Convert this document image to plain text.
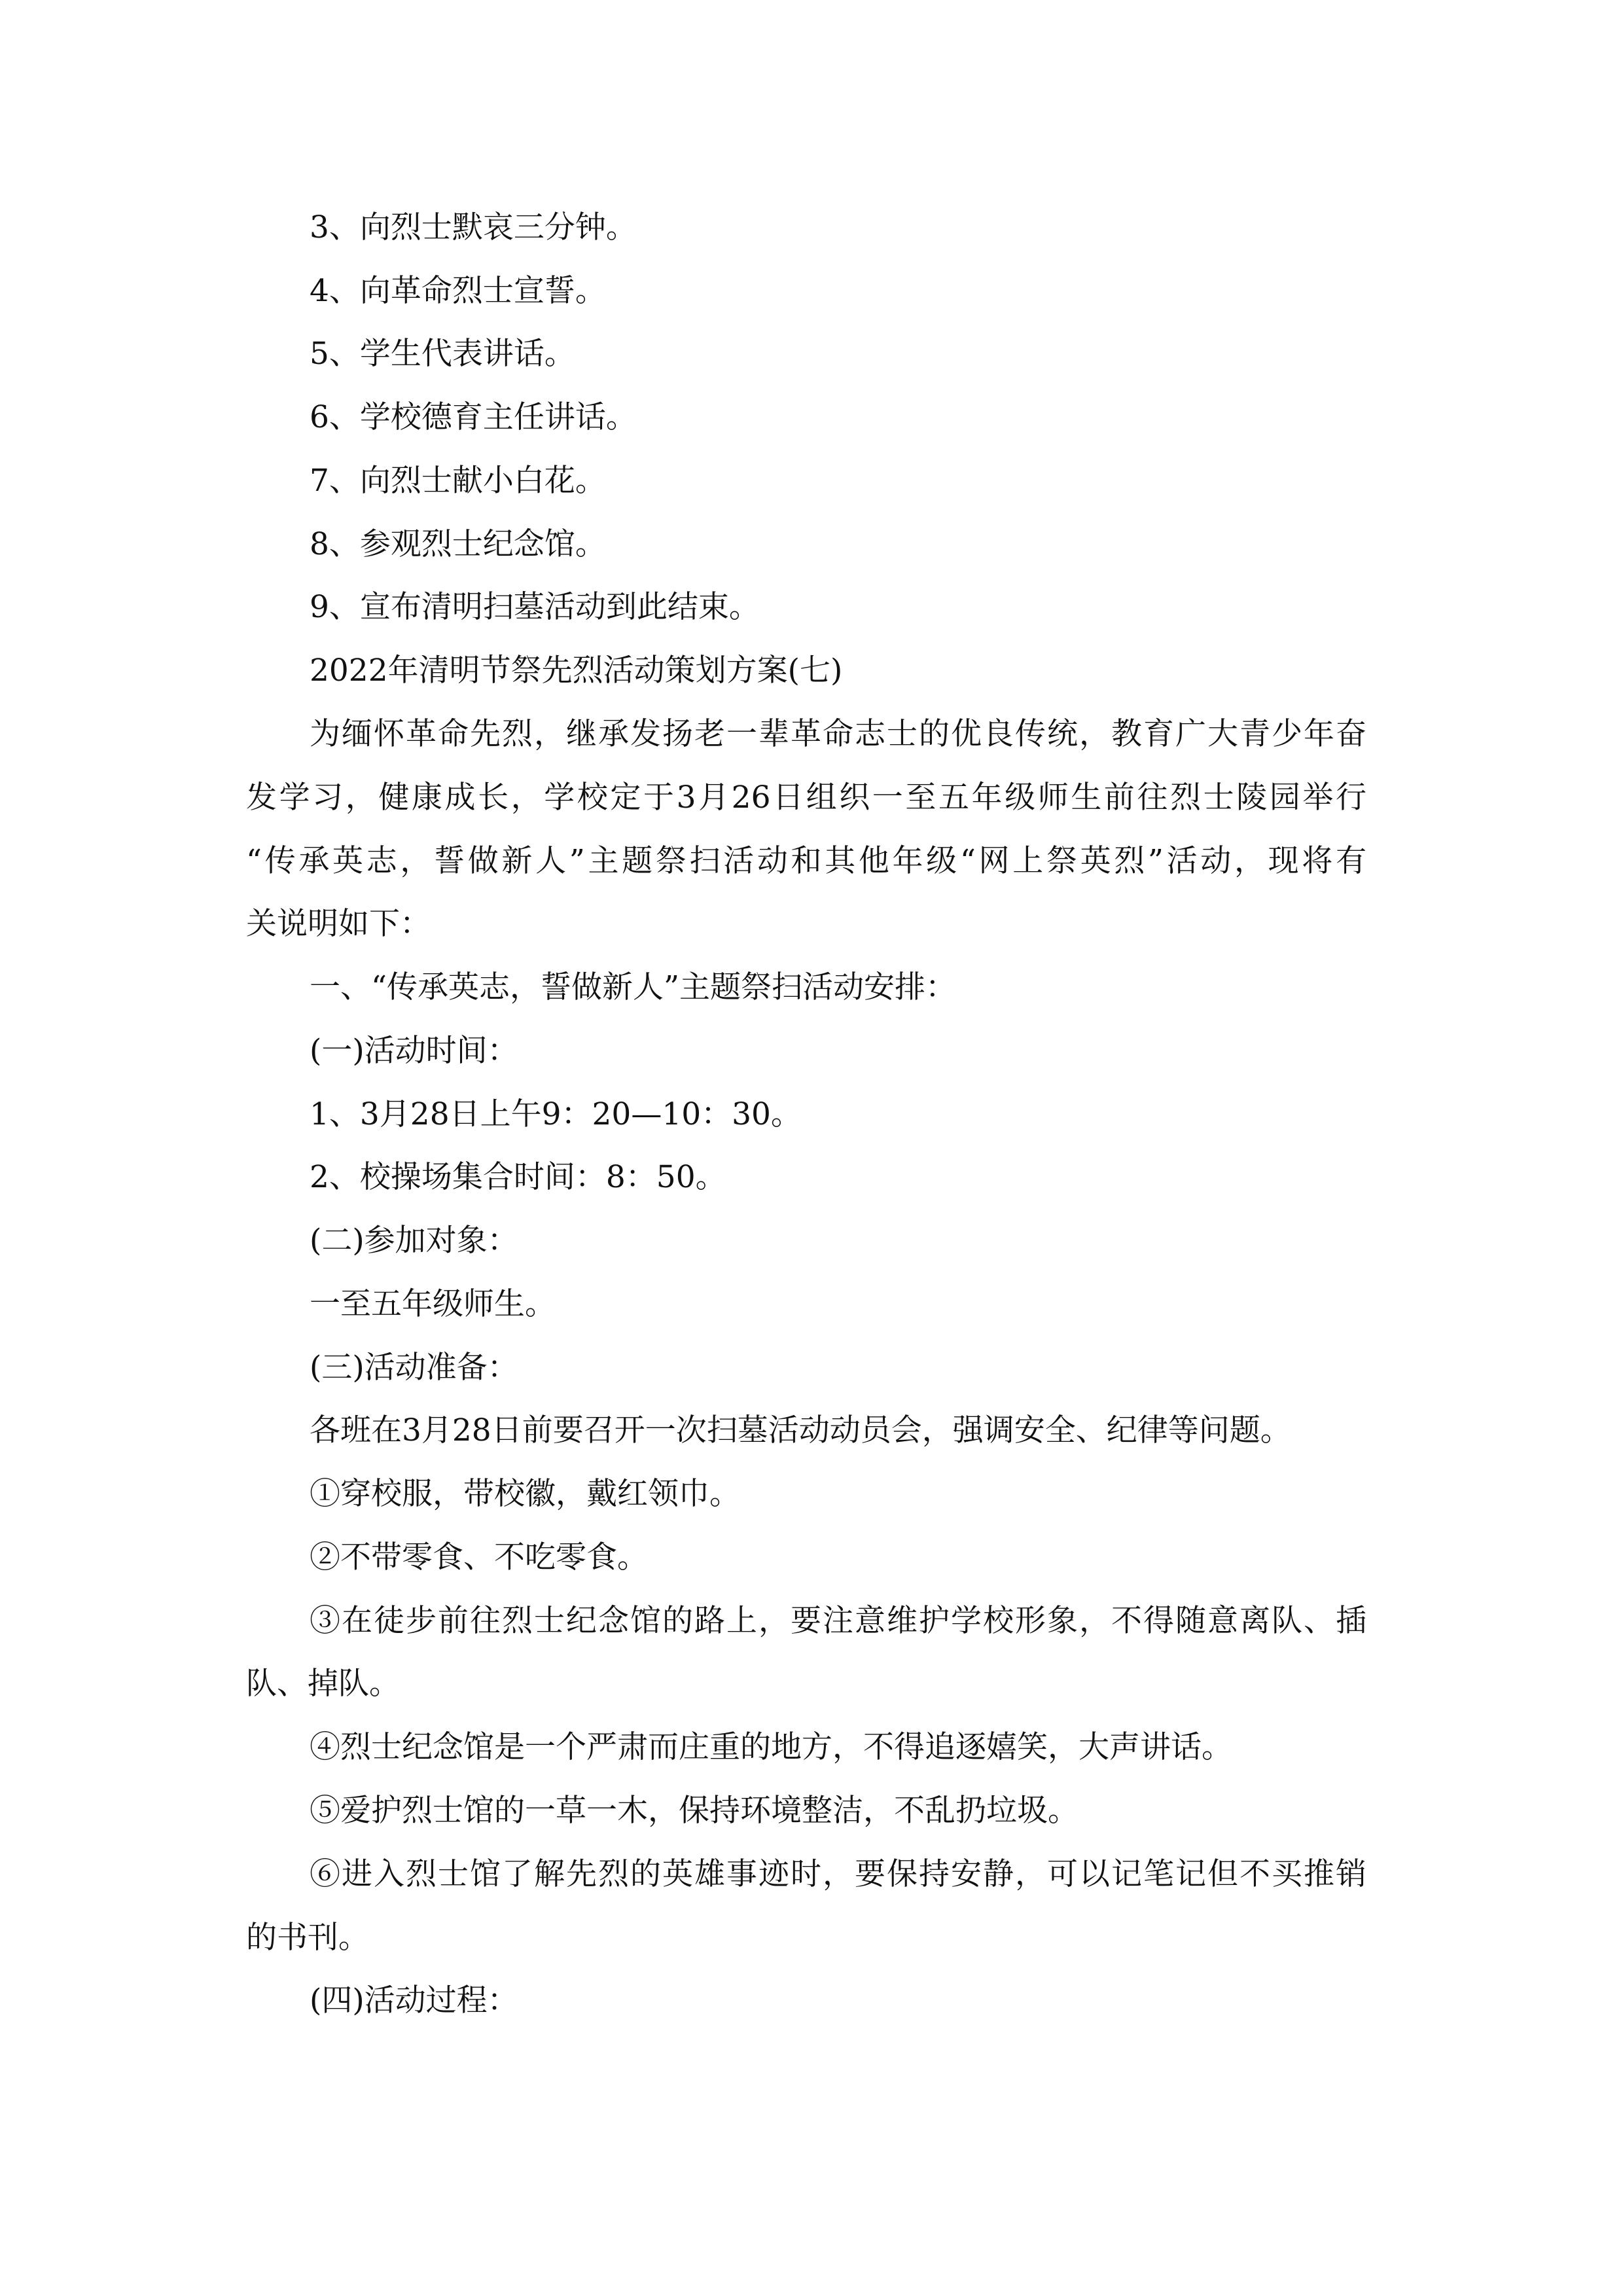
3、向烈士默哀三分钟。

4、向革命烈士宣誓。

5、学生代表讲话。

6、学校德育主任讲话。

7、向烈士献小白花。

8、参观烈士纪念馆。

9、宣布清明扫墓活动到此结束。

2022年清明节祭先烈活动策划方案(七)

为缅怀革命先烈，继承发扬老一辈革命志士的优良传统，教育广大青少年奋

发学习，健康成长，学校定于3月26日组织一至五年级师生前往烈士陵园举行

“传承英志，誓做新人”主题祭扫活动和其他年级“网上祭英烈”活动，现将有

关说明如下：

一、“传承英志，誓做新人”主题祭扫活动安排：

(一)活动时间：

1、3月28日上午9：20—10：30。

2、校操场集合时间：8：50。

(二)参加对象：

一至五年级师生。

(三)活动准备：

各班在3月28日前要召开一次扫墓活动动员会，强调安全、纪律等问题。

①穿校服，带校徽，戴红领巾。

②不带零食、不吃零食。

③在徒步前往烈士纪念馆的路上，要注意维护学校形象，不得随意离队、插

队、掉队。

④烈士纪念馆是一个严肃而庄重的地方，不得追逐嬉笑，大声讲话。

⑤爱护烈士馆的一草一木，保持环境整洁，不乱扔垃圾。

⑥进入烈士馆了解先烈的英雄事迹时，要保持安静，可以记笔记但不买推销

的书刊。

(四)活动过程：
